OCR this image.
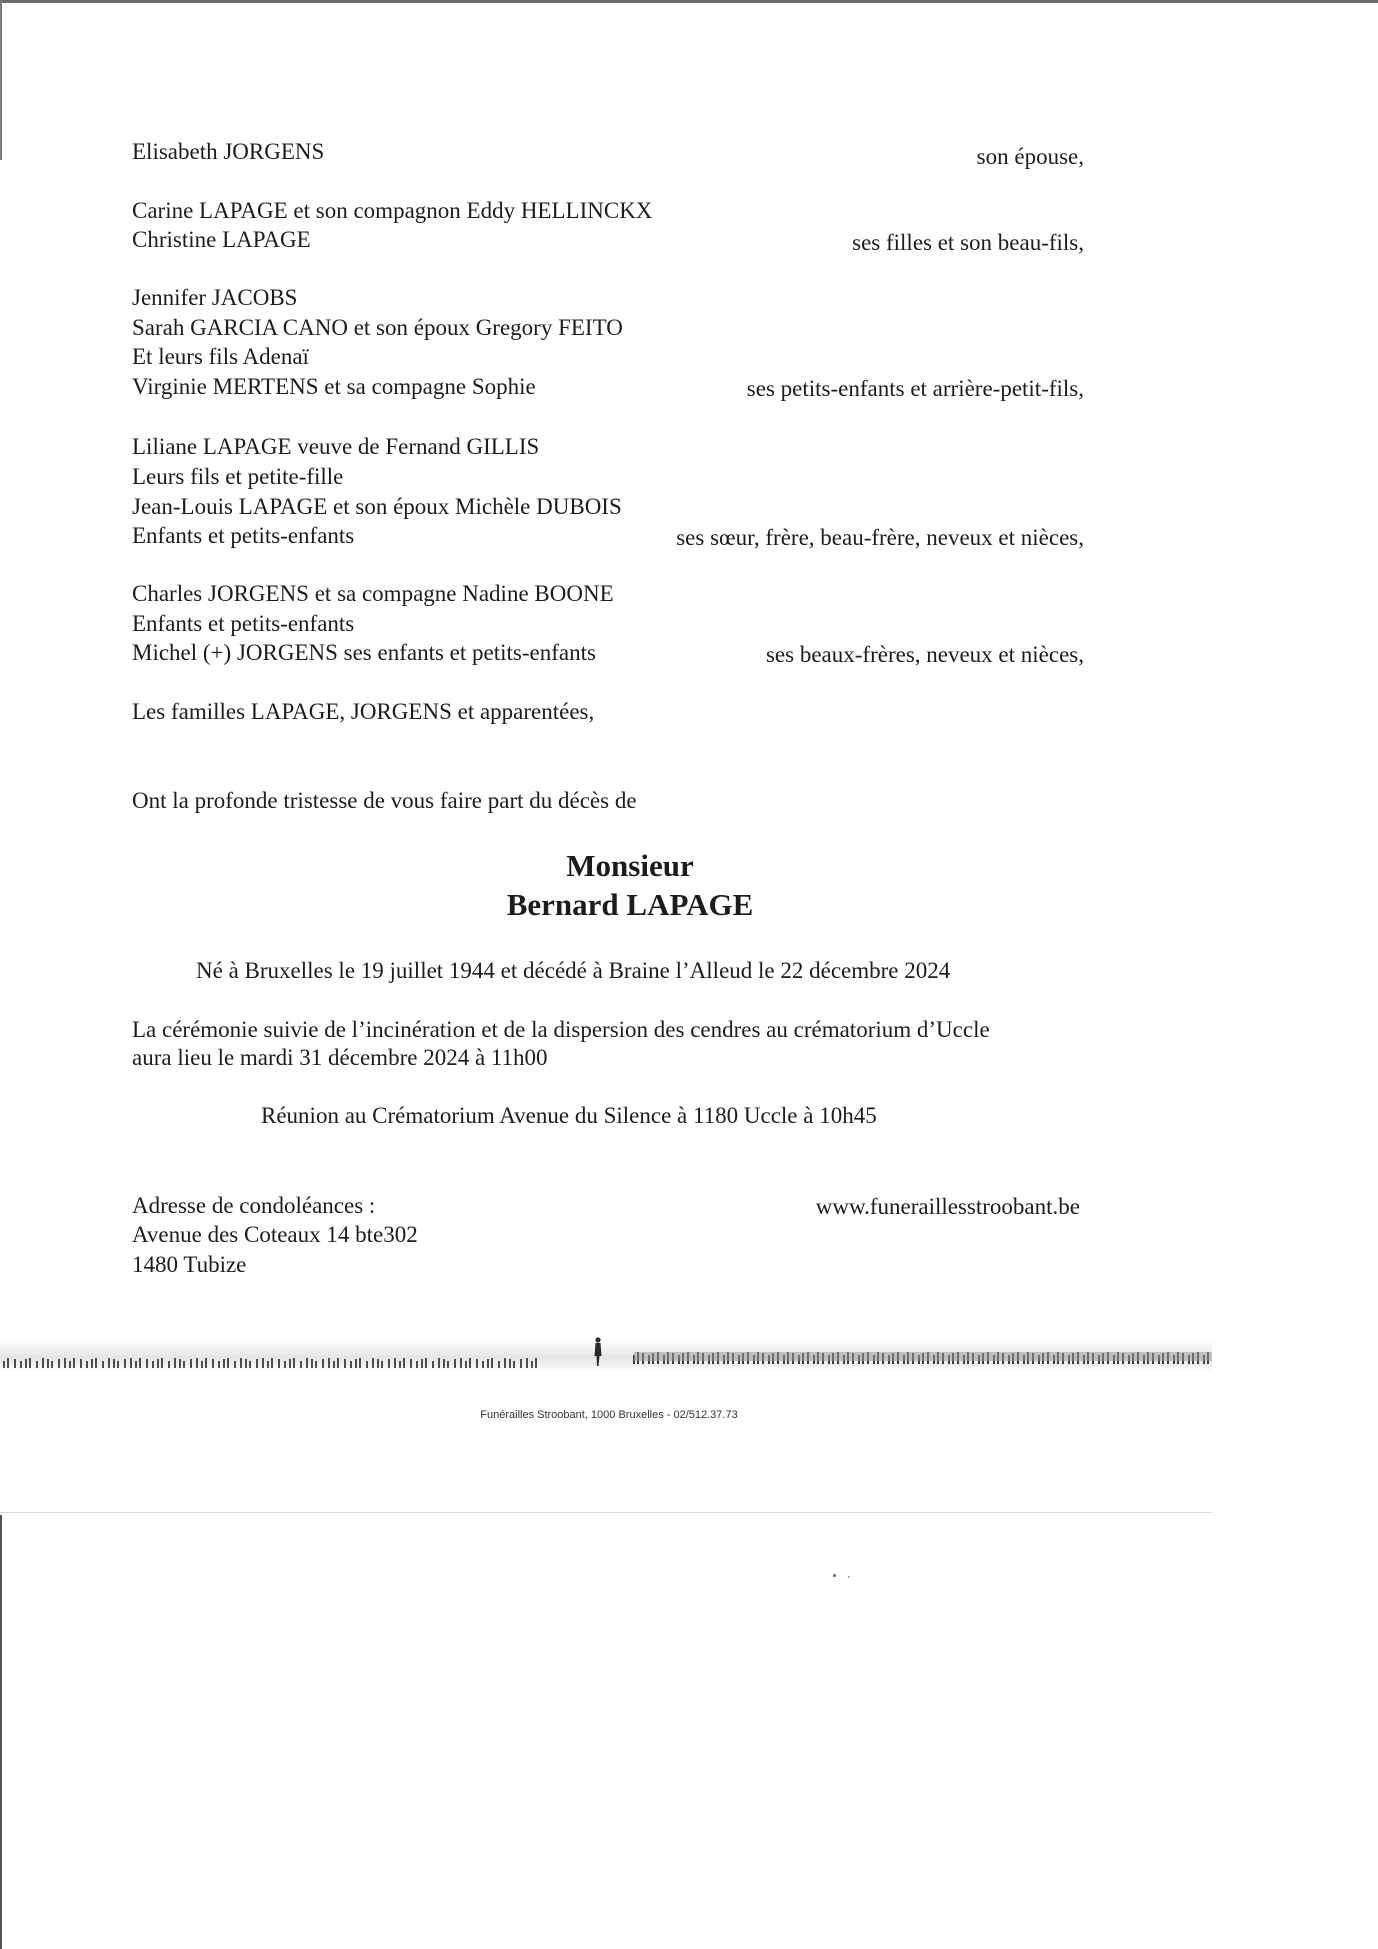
Elisabeth JORGENS	son épouse,
Carine LAPAGE et son compagnon Eddy HELLINCKX
Christine LAPAGE	ses filles et son beau-fils,
Jennifer JACOBS
Sarah GARCIA CANO et son époux Gregory FEITO
Et leurs fils Adenaï
Virginie MERTENS et sa compagne Sophie	ses petits-enfants et arrière-petit-fils,
Liliane LAPAGE veuve de Fernand GILLIS
Leurs fils et petite-fille
Jean-Louis LAPAGE et son époux Michèle DUBOIS
Enfants et petits-enfants	ses sœur, frère, beau-frère, neveux et nièces,
Charles JORGENS et sa compagne Nadine BOONE
Enfants et petits-enfants
Michel (+) JORGENS ses enfants et petits-enfants	ses beaux-frères, neveux et nièces,
Les familles LAPAGE, JORGENS et apparentées,
Ont la profonde tristesse de vous faire part du décès de
Monsieur
Bernard LAPAGE
Né à Bruxelles le 19 juillet 1944 et décédé à Braine l’Alleud le 22 décembre 2024
La cérémonie suivie de l’incinération et de la dispersion des cendres au crématorium d’Uccle
aura lieu le mardi 31 décembre 2024 à 11h00
Réunion au Crématorium Avenue du Silence à 1180 Uccle à 10h45
Adresse de condoléances :
Avenue des Coteaux 14 bte302
1480 Tubize
www.funeraillesstroobant.be
Funérailles Stroobant, 1000 Bruxelles - 02/512.37.73
